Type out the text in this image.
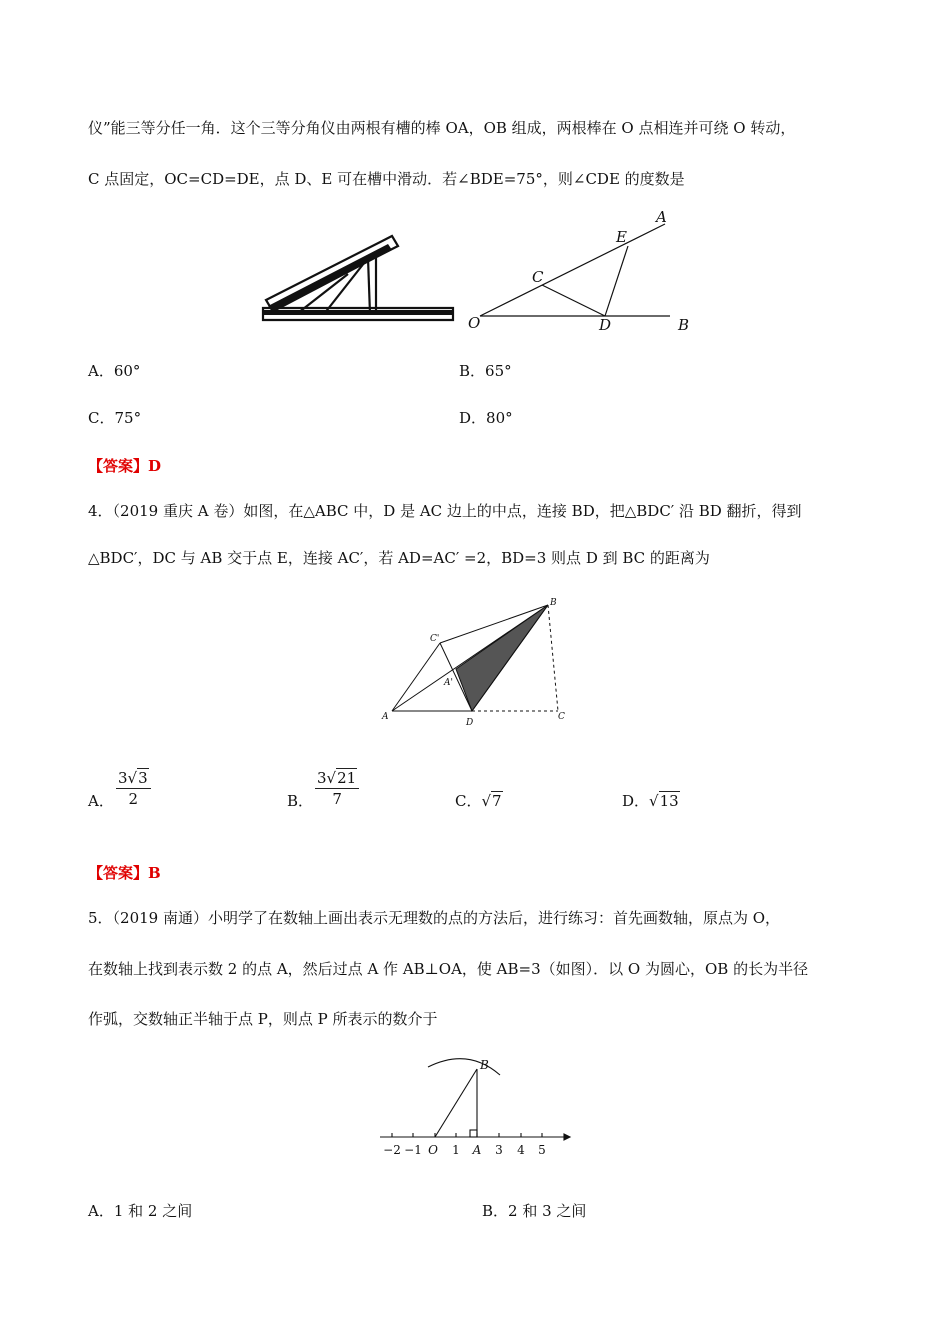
仪”能三等分任一角．这个三等分角仪由两根有槽的棒 OA，OB 组成，两根棒在 O 点相连并可绕 O 转动，
C 点固定，OC=CD=DE，点 D、E 可在槽中滑动．若∠BDE=75°，则∠CDE 的度数是
A
E
C
O	D	B
A．60°	B．65°
C．75°	D．80°
【答案】D
4．（2019 重庆 A 卷）如图，在△ABC 中，D 是 AC 边上的中点，连接 BD，把△BDC′ 沿 BD 翻折，得到
△BDC′，DC 与 AB 交于点 E，连接 AC′，若 AD=AC′ =2，BD=3 则点 D 到 BC 的距离为
B
C'
A'
A
D
C
A． $\frac{3√3}{2}$	B． $\frac{3√21}{7}$	C．√7	D．√13
【答案】B
5．（2019 南通）小明学了在数轴上画出表示无理数的点的方法后，进行练习：首先画数轴，原点为 O，
在数轴上找到表示数 2 的点 A，然后过点 A 作 AB⊥OA，使 AB=3（如图）．以 O 为圆心，OB 的长为半径
作弧，交数轴正半轴于点 P，则点 P 所表示的数介于
B
−2 −1 O 1 A 3 4 5
A．1 和 2 之间	B．2 和 3 之间
